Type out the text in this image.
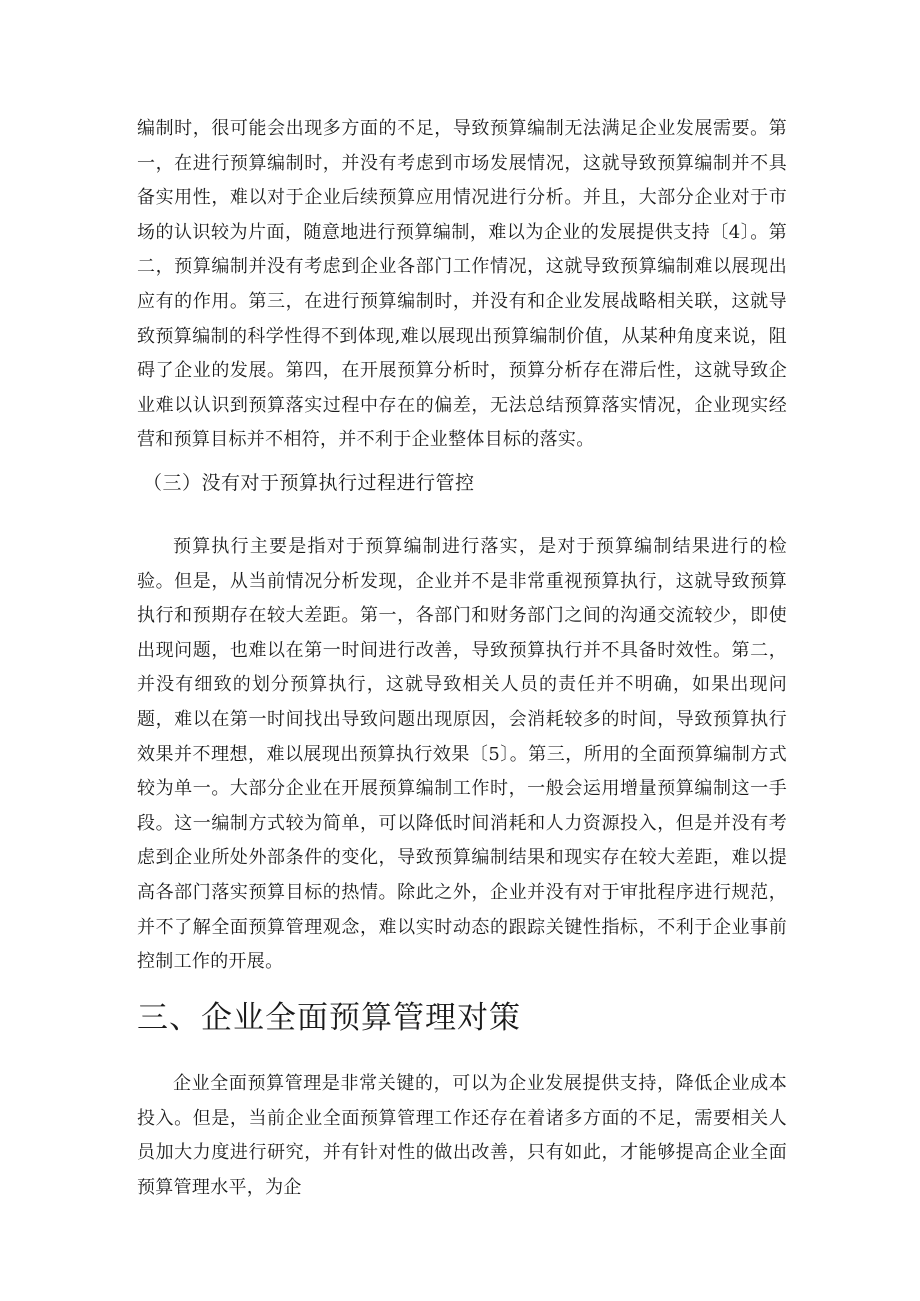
编制时，很可能会出现多方面的不足，导致预算编制无法满足企业发展需要。第一，在进行预算编制时，并没有考虑到市场发展情况，这就导致预算编制并不具备实用性，难以对于企业后续预算应用情况进行分析。并且，大部分企业对于市场的认识较为片面，随意地进行预算编制，难以为企业的发展提供支持〔4〕。第二，预算编制并没有考虑到企业各部门工作情况，这就导致预算编制难以展现出应有的作用。第三，在进行预算编制时，并没有和企业发展战略相关联，这就导致预算编制的科学性得不到体现,难以展现出预算编制价值，从某种角度来说，阻碍了企业的发展。第四，在开展预算分析时，预算分析存在滞后性，这就导致企业难以认识到预算落实过程中存在的偏差，无法总结预算落实情况，企业现实经营和预算目标并不相符，并不利于企业整体目标的落实。

（三）没有对于预算执行过程进行管控

预算执行主要是指对于预算编制进行落实，是对于预算编制结果进行的检验。但是，从当前情况分析发现，企业并不是非常重视预算执行，这就导致预算执行和预期存在较大差距。第一，各部门和财务部门之间的沟通交流较少，即使出现问题，也难以在第一时间进行改善，导致预算执行并不具备时效性。第二，并没有细致的划分预算执行，这就导致相关人员的责任并不明确，如果出现问题，难以在第一时间找出导致问题出现原因，会消耗较多的时间，导致预算执行效果并不理想，难以展现出预算执行效果〔5〕。第三，所用的全面预算编制方式较为单一。大部分企业在开展预算编制工作时，一般会运用增量预算编制这一手段。这一编制方式较为简单，可以降低时间消耗和人力资源投入，但是并没有考虑到企业所处外部条件的变化，导致预算编制结果和现实存在较大差距，难以提高各部门落实预算目标的热情。除此之外，企业并没有对于审批程序进行规范，并不了解全面预算管理观念，难以实时动态的跟踪关键性指标，不利于企业事前控制工作的开展。

三、企业全面预算管理对策

企业全面预算管理是非常关键的，可以为企业发展提供支持，降低企业成本投入。但是，当前企业全面预算管理工作还存在着诸多方面的不足，需要相关人员加大力度进行研究，并有针对性的做出改善，只有如此，才能够提高企业全面预算管理水平，为企
